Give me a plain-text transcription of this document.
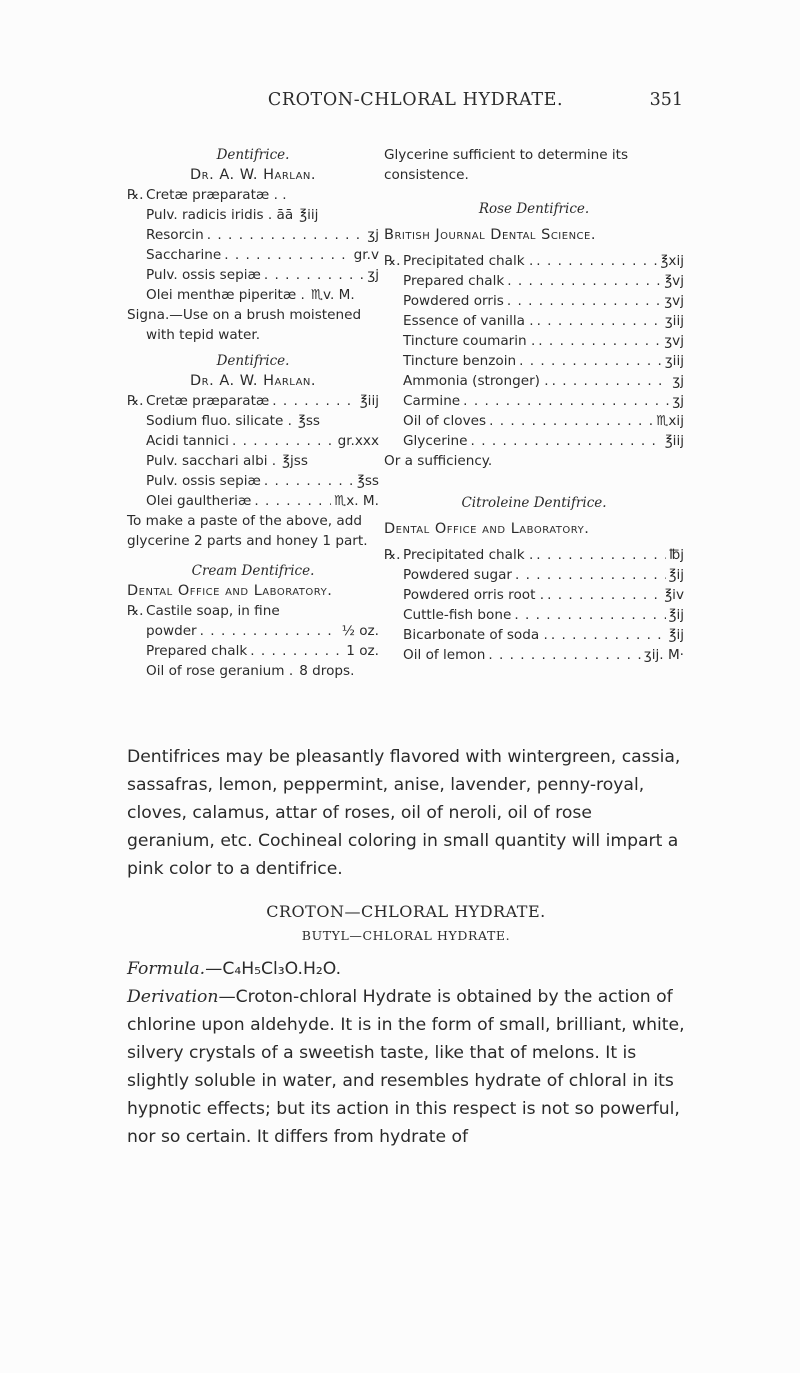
CROTON-CHLORAL HYDRATE.	351
Dentifrice.
Dr. A. W. Harlan.
℞. Cretæ præparatæ . .
Pulv. radicis iridis . āā ℥iij
Resorcin . . .	ʒj
Saccharine . . .	gr.v
Pulv. ossis sepiæ . . .	ʒj
Olei menthæ piperitæ . ♏v. M.
Signa.—Use on a brush moistened with tepid water.
Dentifrice.
Dr. A. W. Harlan.
℞. Cretæ præparatæ . . .	℥iij
Sodium fluo. silicate . ℥ss
Acidi tannici . . .	gr.xxx
Pulv. sacchari albi . ℥jss
Pulv. ossis sepiæ . . .	℥ss
Olei gaultheriæ . . .	♏x. M.
To make a paste of the above, add glycerine 2 parts and honey 1 part.
Cream Dentifrice.
Dental Office and Laboratory.
℞. Castile soap, in fine
powder . . .	½ oz.
Prepared chalk . . .	1 oz.
Oil of rose geranium . 8 drops.
Glycerine sufficient to determine its consistence.
Rose Dentifrice.
British Journal Dental Science.
℞. Precipitated chalk . . . .	℥xij
Prepared chalk . . .	℥vj
Powdered orris . . .	ʒvj
Essence of vanilla . . . .	ʒiij
Tincture coumarin . . . .	ʒvj
Tincture benzoin . . .	ʒiij
Ammonia (stronger) . . . .	ʒj
Carmine . . .	ʒj
Oil of cloves . . .	♏xij
Glycerine . . .	℥iij
Or a sufficiency.
Citroleine Dentifrice.
Dental Office and Laboratory.
℞. Precipitated chalk . . . .	℔j
Powdered sugar . . .	℥ij
Powdered orris root . . . .	℥iv
Cuttle-fish bone . . .	℥ij
Bicarbonate of soda . . . .	℥ij
Oil of lemon . . .	ʒij. M·
Dentifrices may be pleasantly flavored with wintergreen, cassia, sassafras, lemon, peppermint, anise, lavender, penny-royal, cloves, calamus, attar of roses, oil of neroli, oil of rose geranium, etc. Cochineal coloring in small quantity will impart a pink color to a dentifrice.
CROTON—CHLORAL HYDRATE.
BUTYL—CHLORAL HYDRATE.
Formula.—C₄H₅Cl₃O.H₂O.
Derivation—Croton-chloral Hydrate is obtained by the action of chlorine upon aldehyde. It is in the form of small, brilliant, white, silvery crystals of a sweetish taste, like that of melons. It is slightly soluble in water, and resembles hydrate of chloral in its hypnotic effects; but its action in this respect is not so powerful, nor so certain. It differs from hydrate of
